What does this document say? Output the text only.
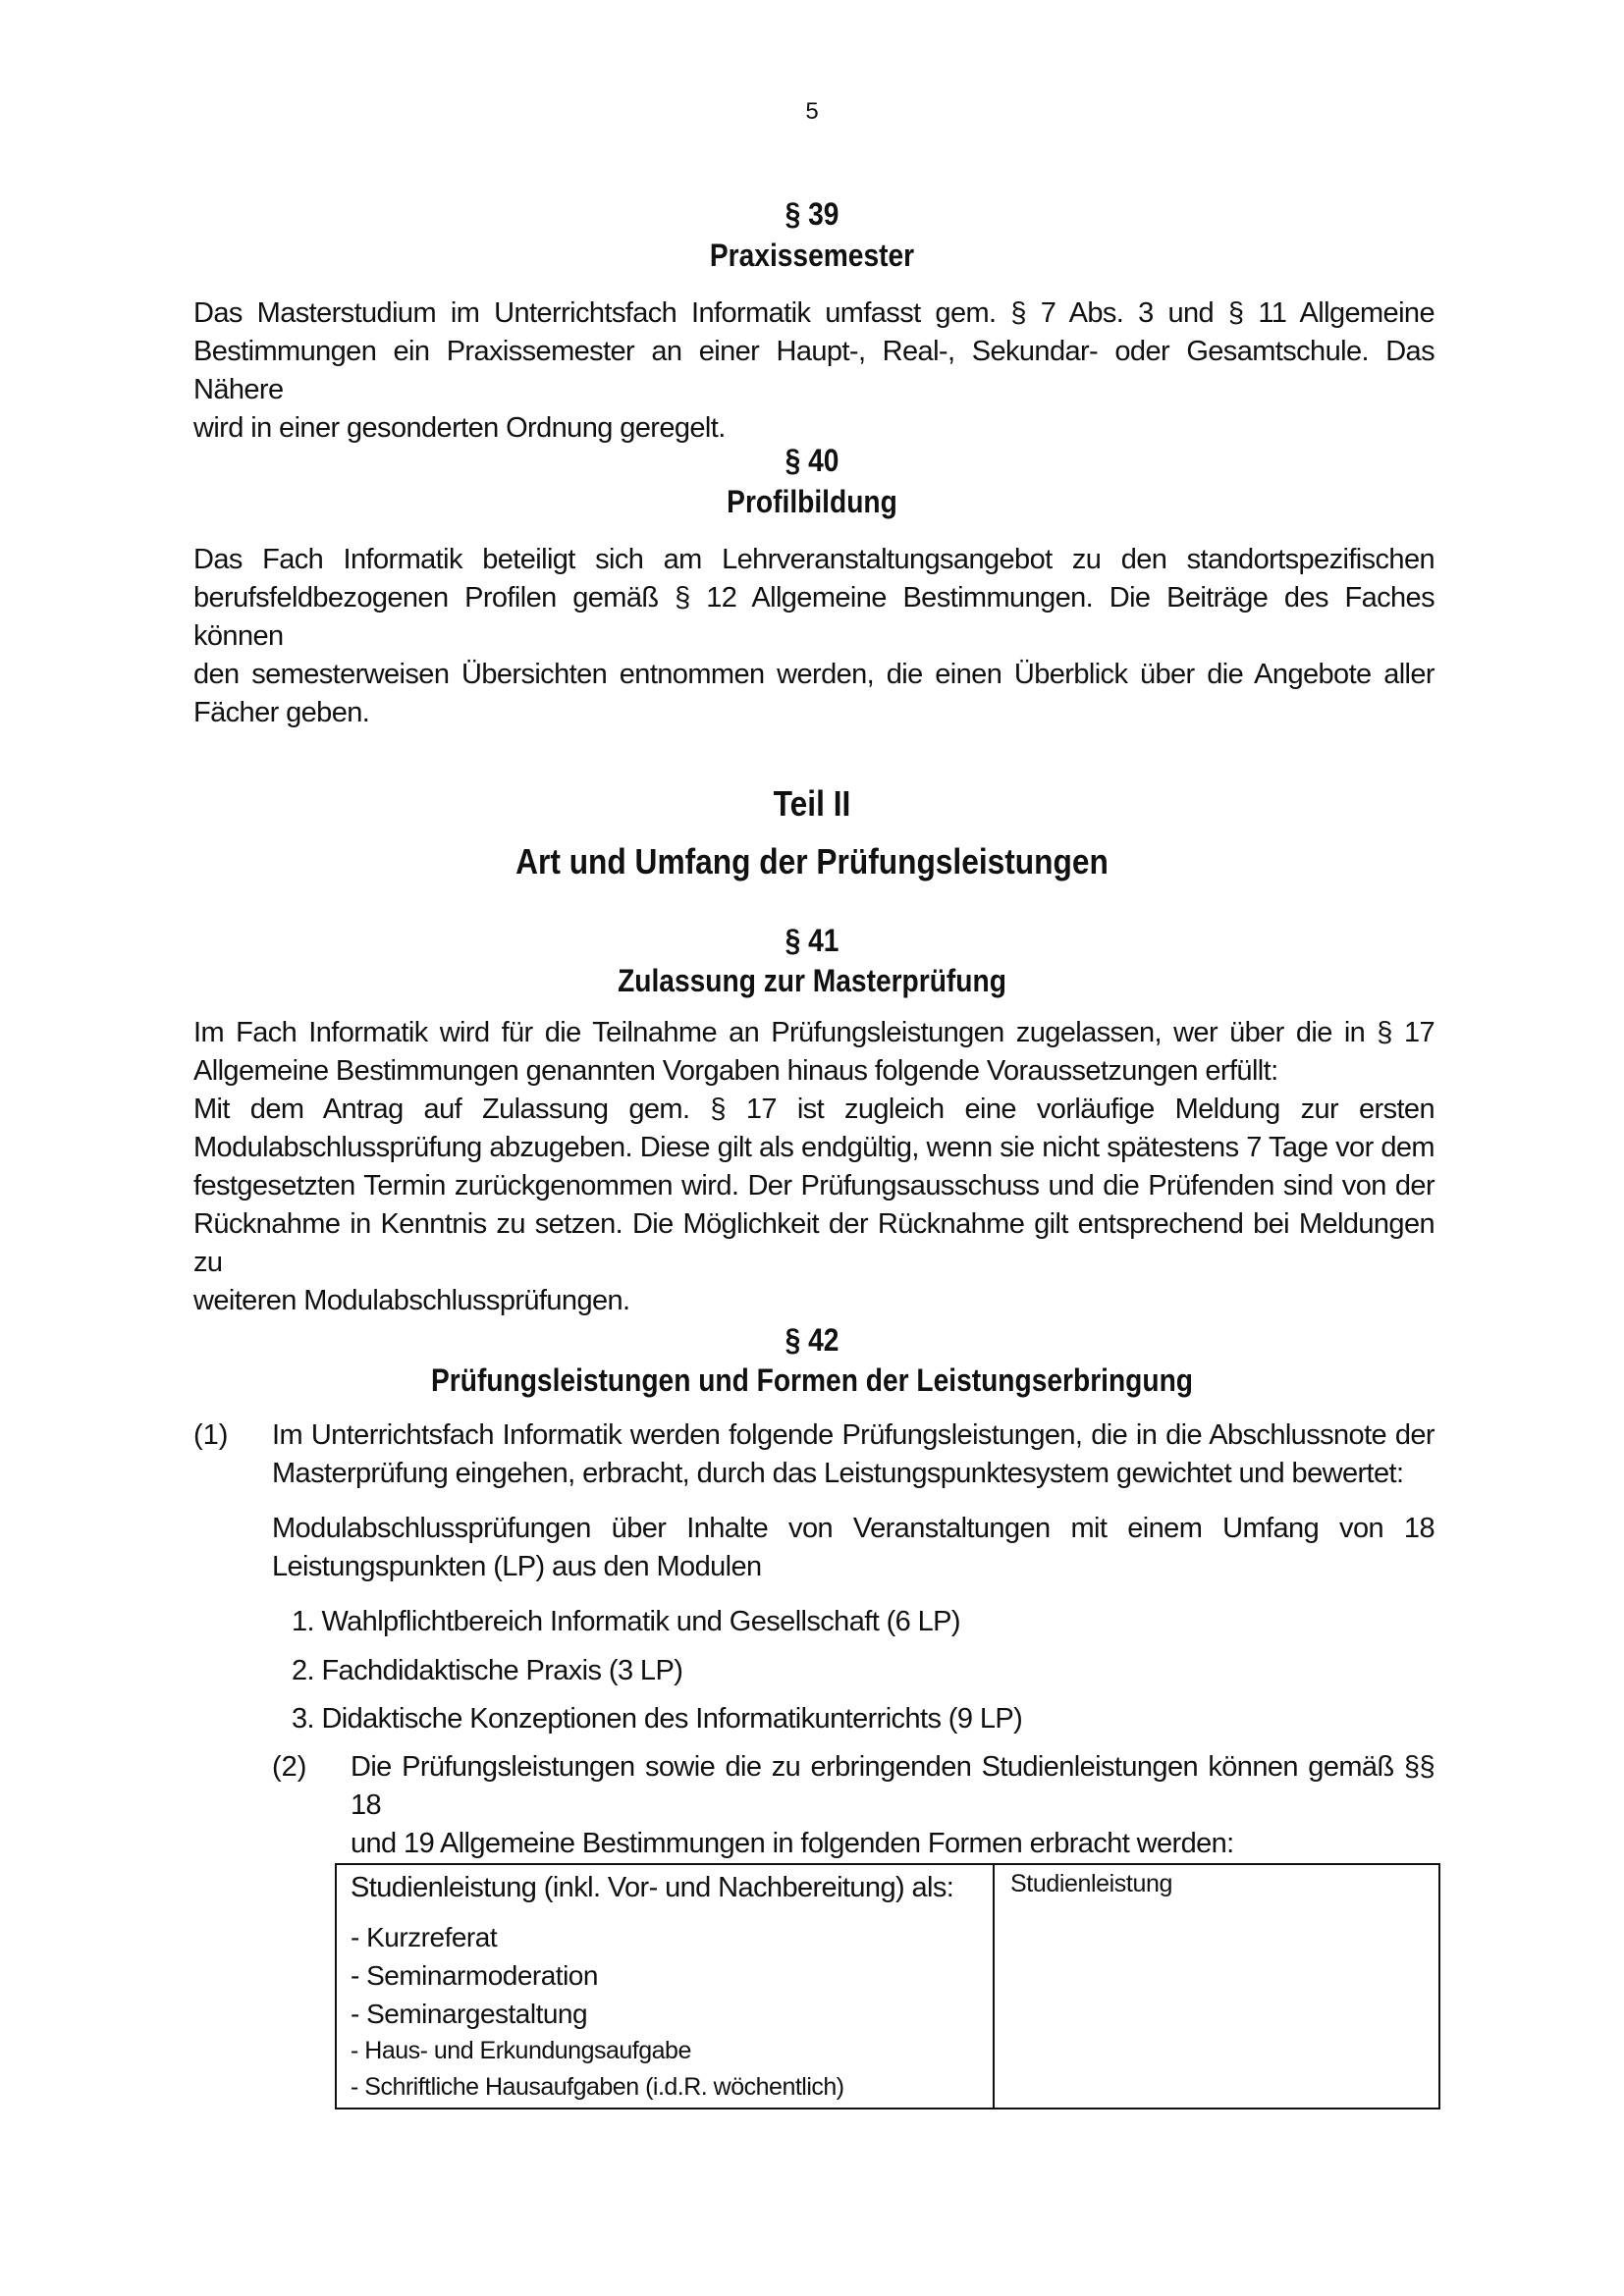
5
§ 39
Praxissemester
Das Masterstudium im Unterrichtsfach Informatik umfasst gem. § 7 Abs. 3 und § 11 Allgemeine
Bestimmungen ein Praxissemester an einer Haupt-, Real-, Sekundar- oder Gesamtschule. Das Nähere
wird in einer gesonderten Ordnung geregelt.
§ 40
Profilbildung
Das Fach Informatik beteiligt sich am Lehrveranstaltungsangebot zu den standortspezifischen
berufsfeldbezogenen Profilen gemäß § 12 Allgemeine Bestimmungen. Die Beiträge des Faches können
den semesterweisen Übersichten entnommen werden, die einen Überblick über die Angebote aller
Fächer geben.
Teil II
Art und Umfang der Prüfungsleistungen
§ 41
Zulassung zur Masterprüfung
Im Fach Informatik wird für die Teilnahme an Prüfungsleistungen zugelassen, wer über die in § 17
Allgemeine Bestimmungen genannten Vorgaben hinaus folgende Voraussetzungen erfüllt:
Mit dem Antrag auf Zulassung gem. § 17 ist zugleich eine vorläufige Meldung zur ersten
Modulabschlussprüfung abzugeben. Diese gilt als endgültig, wenn sie nicht spätestens 7 Tage vor dem
festgesetzten Termin zurückgenommen wird. Der Prüfungsausschuss und die Prüfenden sind von der
Rücknahme in Kenntnis zu setzen. Die Möglichkeit der Rücknahme gilt entsprechend bei Meldungen zu
weiteren Modulabschlussprüfungen.
§ 42
Prüfungsleistungen und Formen der Leistungserbringung
(1) Im Unterrichtsfach Informatik werden folgende Prüfungsleistungen, die in die Abschlussnote der
Masterprüfung eingehen, erbracht, durch das Leistungspunktesystem gewichtet und bewertet:
Modulabschlussprüfungen über Inhalte von Veranstaltungen mit einem Umfang von 18
Leistungspunkten (LP) aus den Modulen
1. Wahlpflichtbereich Informatik und Gesellschaft (6 LP)
2. Fachdidaktische Praxis (3 LP)
3. Didaktische Konzeptionen des Informatikunterrichts (9 LP)
(2) Die Prüfungsleistungen sowie die zu erbringenden Studienleistungen können gemäß §§ 18
und 19 Allgemeine Bestimmungen in folgenden Formen erbracht werden:
Studienleistung (inkl. Vor- und Nachbereitung) als:
- Kurzreferat
- Seminarmoderation
- Seminargestaltung
- Haus- und Erkundungsaufgabe
- Schriftliche Hausaufgaben (i.d.R. wöchentlich)

Studienleistung
